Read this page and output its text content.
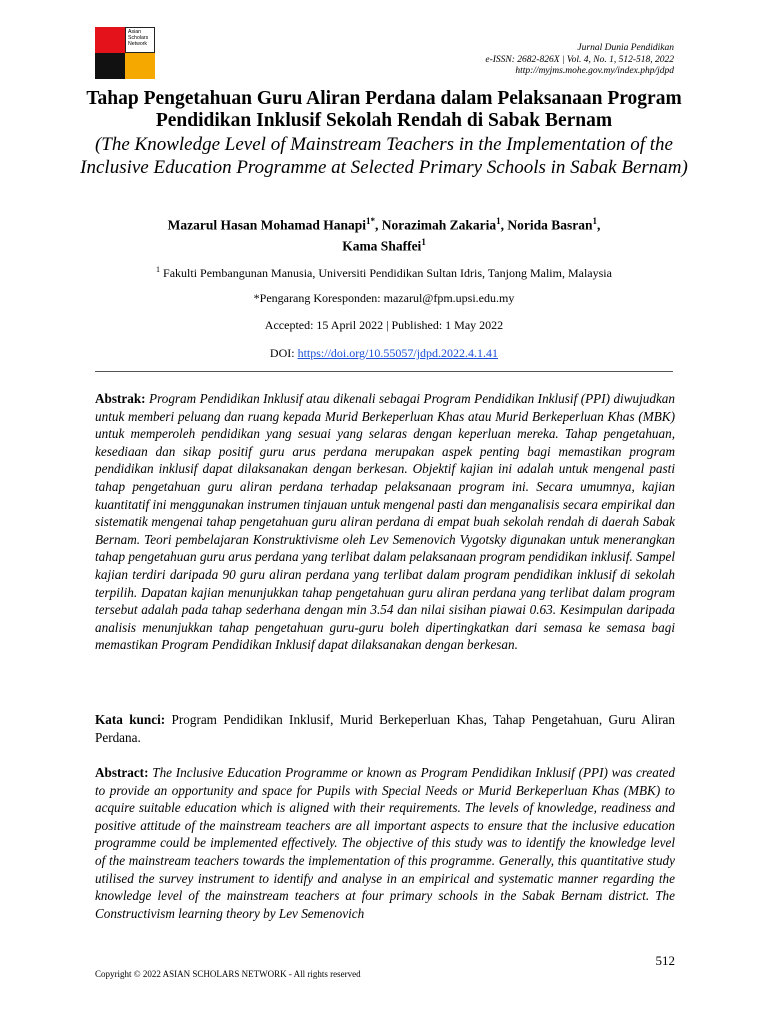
Asian
Scholars
Network	Jurnal Dunia Pendidikan
e-ISSN: 2682-826X | Vol. 4, No. 1, 512-518, 2022
http://myjms.mohe.gov.my/index.php/jdpd
Tahap Pengetahuan Guru Aliran Perdana dalam Pelaksanaan Program Pendidikan Inklusif Sekolah Rendah di Sabak Bernam
(The Knowledge Level of Mainstream Teachers in the Implementation of the Inclusive Education Programme at Selected Primary Schools in Sabak Bernam)
Mazarul Hasan Mohamad Hanapi$^{1*}$, Norazimah Zakaria$^1$, Norida Basran$^1$,
Kama Shaffei$^1$
$^1$ Fakulti Pembangunan Manusia, Universiti Pendidikan Sultan Idris, Tanjong Malim, Malaysia
*Pengarang Koresponden: mazarul@fpm.upsi.edu.my
Accepted: 15 April 2022 | Published: 1 May 2022
DOI: https://doi.org/10.55057/jdpd.2022.4.1.41
Abstrak: Program Pendidikan Inklusif atau dikenali sebagai Program Pendidikan Inklusif (PPI) diwujudkan untuk memberi peluang dan ruang kepada Murid Berkeperluan Khas atau Murid Berkeperluan Khas (MBK) untuk memperoleh pendidikan yang sesuai yang selaras dengan keperluan mereka. Tahap pengetahuan, kesediaan dan sikap positif guru arus perdana merupakan aspek penting bagi memastikan program pendidikan inklusif dapat dilaksanakan dengan berkesan. Objektif kajian ini adalah untuk mengenal pasti tahap pengetahuan guru aliran perdana terhadap pelaksanaan program ini. Secara umumnya, kajian kuantitatif ini menggunakan instrumen tinjauan untuk mengenal pasti dan menganalisis secara empirikal dan sistematik mengenai tahap pengetahuan guru aliran perdana di empat buah sekolah rendah di daerah Sabak Bernam. Teori pembelajaran Konstruktivisme oleh Lev Semenovich Vygotsky digunakan untuk menerangkan tahap pengetahuan guru arus perdana yang terlibat dalam pelaksanaan program pendidikan inklusif. Sampel kajian terdiri daripada 90 guru aliran perdana yang terlibat dalam program pendidikan inklusif di sekolah terpilih. Dapatan kajian menunjukkan tahap pengetahuan guru aliran perdana yang terlibat dalam program tersebut adalah pada tahap sederhana dengan min 3.54 dan nilai sisihan piawai 0.63. Kesimpulan daripada analisis menunjukkan tahap pengetahuan guru-guru boleh dipertingkatkan dari semasa ke semasa bagi memastikan Program Pendidikan Inklusif dapat dilaksanakan dengan berkesan.
Kata kunci: Program Pendidikan Inklusif, Murid Berkeperluan Khas, Tahap Pengetahuan, Guru Aliran Perdana.
Abstract: The Inclusive Education Programme or known as Program Pendidikan Inklusif (PPI) was created to provide an opportunity and space for Pupils with Special Needs or Murid Berkeperluan Khas (MBK) to acquire suitable education which is aligned with their requirements. The levels of knowledge, readiness and positive attitude of the mainstream teachers are all important aspects to ensure that the inclusive education programme could be implemented effectively. The objective of this study was to identify the knowledge level of the mainstream teachers towards the implementation of this programme. Generally, this quantitative study utilised the survey instrument to identify and analyse in an empirical and systematic manner regarding the knowledge level of the mainstream teachers at four primary schools in the Sabak Bernam district. The Constructivism learning theory by Lev Semenovich
512
Copyright © 2022 ASIAN SCHOLARS NETWORK - All rights reserved
